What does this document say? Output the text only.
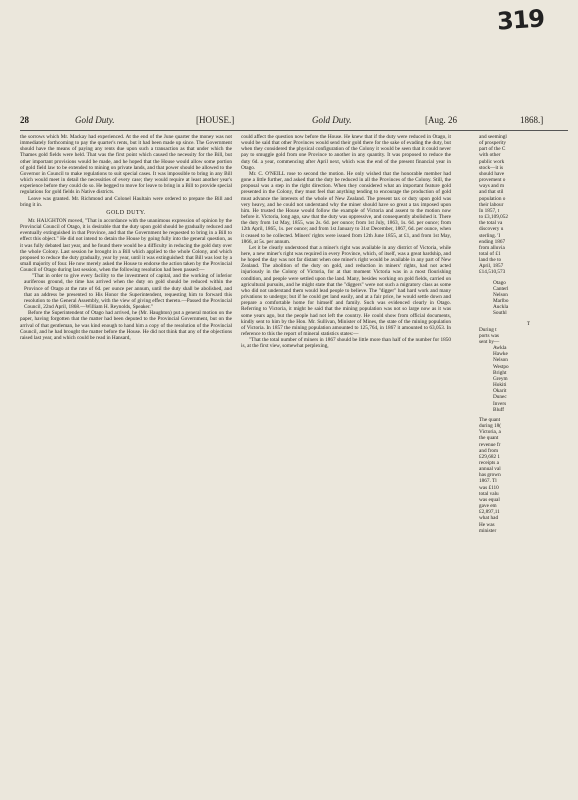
319
28	Gold Duty.	[HOUSE.]	Gold Duty.	[Aug. 26	1868.]

the sorrows which Mr. Mackay had experienced. At the end of the June quarter the money was not immediately forthcoming to pay the quarter's rents, but it had been made up since. The Government should have the means of paying any rents due upon such a transaction as that under which the Thames gold fields were held. That was the first point which caused the necessity for the Bill, but other important provisions would be made, and he hoped that the House would allow some portion of gold field law to be extended to mining on private lands, and that power should be allowed to the Governor in Council to make regulations to suit special cases. It was impossible to bring in any Bill which would meet in detail the necessities of every case; they would require at least another year's experience before they could do so. He begged to move for leave to bring in a Bill to provide special regulations for gold fields in Native districts.

Leave was granted. Mr. Richmond and Colonel Haultain were ordered to prepare the Bill and bring it in.

GOLD DUTY.

Mr. HAUGHTON moved, "That in accordance with the unanimous expression of opinion by the Provincial Council of Otago, it is desirable that the duty upon gold should be gradually reduced and eventually extinguished in that Province, and that the Government be requested to bring in a Bill to effect this object." He did not intend to detain the House by going fully into the general question, as it was fully debated last year, and he found there would be a difficulty in reducing the gold duty over the whole Colony. Last session he brought in a Bill which applied to the whole Colony, and which proposed to reduce the duty gradually, year by year, until it was extinguished: that Bill was lost by a small majority of four. He now merely asked the House to endorse the action taken by the Provincial Council of Otago during last session, when the following resolution had been passed:—

"That in order to give every facility to the investment of capital, and the working of inferior auriferous ground, the time has arrived when the duty on gold should be reduced within the Province of Otago at the rate of 6d. per ounce per annum, until the duty shall be abolished, and that an address be presented to His Honor the Superintendent, requesting him to forward this resolution to the General Assembly, with the view of giving effect thereto.—Passed the Provincial Council, 22nd April, 1868.—William H. Reynolds, Speaker."

Before the Superintendent of Otago had arrived, he (Mr. Haughton) put a general motion on the paper, having forgotten that the matter had been deputed to the Provincial Government, but on the arrival of that gentleman, he was kind enough to hand him a copy of the resolution of the Provincial Council, and he had brought the matter before the House. He did not think that any of the objections raised last year, and which could be read in Hansard,

could affect the question now before the House. He knew that if the duty were reduced in Otago, it would be said that other Provinces would send their gold there for the sake of evading the duty, but when they considered the physical configuration of the Colony it would be seen that it could never pay to smuggle gold from one Province to another in any quantity. It was proposed to reduce the duty 6d. a year, commencing after April next, which was the end of the present financial year in Otago.

Mr. C. O'NEILL rose to second the motion. He only wished that the honorable member had gone a little further, and asked that the duty be reduced in all the Provinces of the Colony. Still, the proposal was a step in the right direction. When they considered what an important feature gold presented in the Colony, they must feel that anything tending to encourage the production of gold must advance the interests of the whole of New Zealand. The present tax or duty upon gold was very heavy, and he could not understand why the miner should have so great a tax imposed upon him. He trusted the House would follow the example of Victoria and assent to the motion now before it. Victoria, long ago, saw that the duty was oppressive, and consequently abolished it. There the duty from 1st May, 1855, was 2s. 6d. per ounce; from 1st July, 1863, 1s. 6d. per ounce; from 12th April, 1865, 1s. per ounce; and from 1st January to 31st December, 1867, 6d. per ounce, when it ceased to be collected. Miners' rights were issued from 12th June 1855, at £1, and from 1st May, 1866, at 5s. per annum.

Let it be clearly understood that a miner's right was available in any district of Victoria, while here, a new miner's right was required in every Province, which, of itself, was a great hardship, and he hoped the day was not far distant when one miner's right would be available in any part of New Zealand. The abolition of the duty on gold, and reduction in miners' rights, had not acted injuriously in the Colony of Victoria, for at that moment Victoria was in a most flourishing condition, and people were settled upon the land. Many, besides working on gold fields, carried on agricultural pursuits, and he might state that the "diggers" were not such a migratory class as some who did not understand them would lead people to believe. The "digger" had hard work and many privations to undergo; but if he could get land easily, and at a fair price, he would settle down and prepare a comfortable home for himself and family. Such was evidenced clearly in Otago. Referring to Victoria, it might be said that the mining population was not so large now as it was some years ago, but the people had not left the country. He could show from official documents, kindly sent to him by the Hon. Mr. Sullivan, Minister of Mines, the state of the mining population of Victoria. In 1857 the mining population amounted to 125,764, in 1867 it amounted to 63,053. In reference to this the report of mineral statistics states:—

"That the total number of miners in 1867 should be little more than half of the number for 1850 is, at the first view, somewhat perplexing,

and seemingl
of prosperity
part of the C
with other
public work
stock—it is
should have
provement o
ways and m
and that stil
population o
their labour
In 1857, t
to £3,109,052
the total va
discovery u
sterling. 'I
ending 1867
from alluvia
total of £1
land the to
April, 1857
£14,510,573
Otago
Canterl
Nelson
Marlbo
Auckla
Southl
T
During t
ports was
sent by—
Awkla
Hawke
Nelson
Westpo
Bright
Greym
Hokiti
Okarit
Dunec
Invers
Bluff
The quant
during 18(
Victoria, a
the quant
revenue fr
and from
£29,682 1
receipts a
annual val
has grown
1867. Tl
was £110
total valu
was equal
gave em
£2,897,11
what had
He was
minister
